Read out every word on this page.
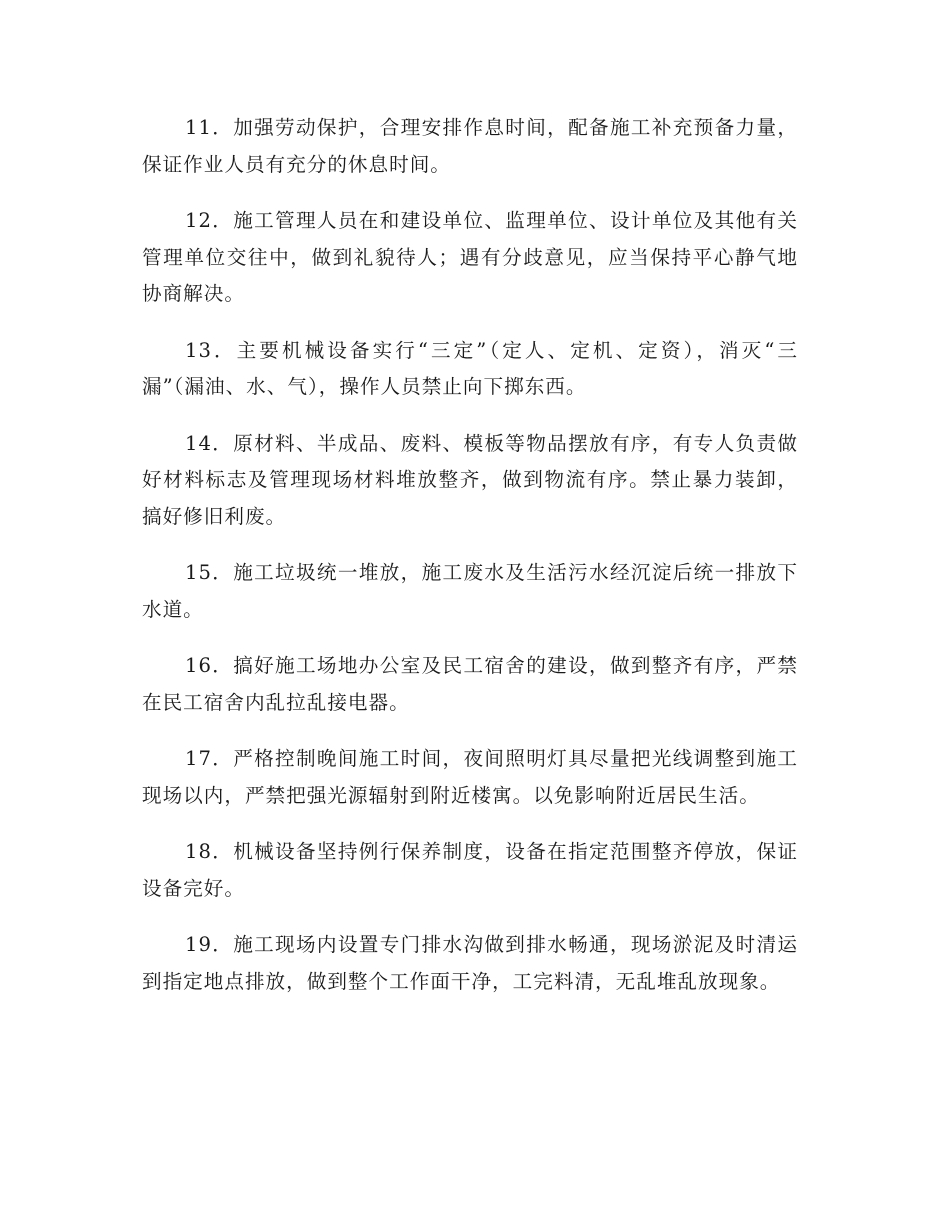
11．加强劳动保护，合理安排作息时间，配备施工补充预备力量，保证作业人员有充分的休息时间。

12．施工管理人员在和建设单位、监理单位、设计单位及其他有关管理单位交往中，做到礼貌待人；遇有分歧意见，应当保持平心静气地协商解决。

13．主要机械设备实行“三定”（定人、定机、定资），消灭“三漏”（漏油、水、气），操作人员禁止向下掷东西。

14．原材料、半成品、废料、模板等物品摆放有序，有专人负责做好材料标志及管理现场材料堆放整齐，做到物流有序。禁止暴力装卸，搞好修旧利废。

15．施工垃圾统一堆放，施工废水及生活污水经沉淀后统一排放下水道。

16．搞好施工场地办公室及民工宿舍的建设，做到整齐有序，严禁在民工宿舍内乱拉乱接电器。

17．严格控制晚间施工时间，夜间照明灯具尽量把光线调整到施工现场以内，严禁把强光源辐射到附近楼寓。以免影响附近居民生活。

18．机械设备坚持例行保养制度，设备在指定范围整齐停放，保证设备完好。

19．施工现场内设置专门排水沟做到排水畅通，现场淤泥及时清运到指定地点排放，做到整个工作面干净，工完料清，无乱堆乱放现象。
